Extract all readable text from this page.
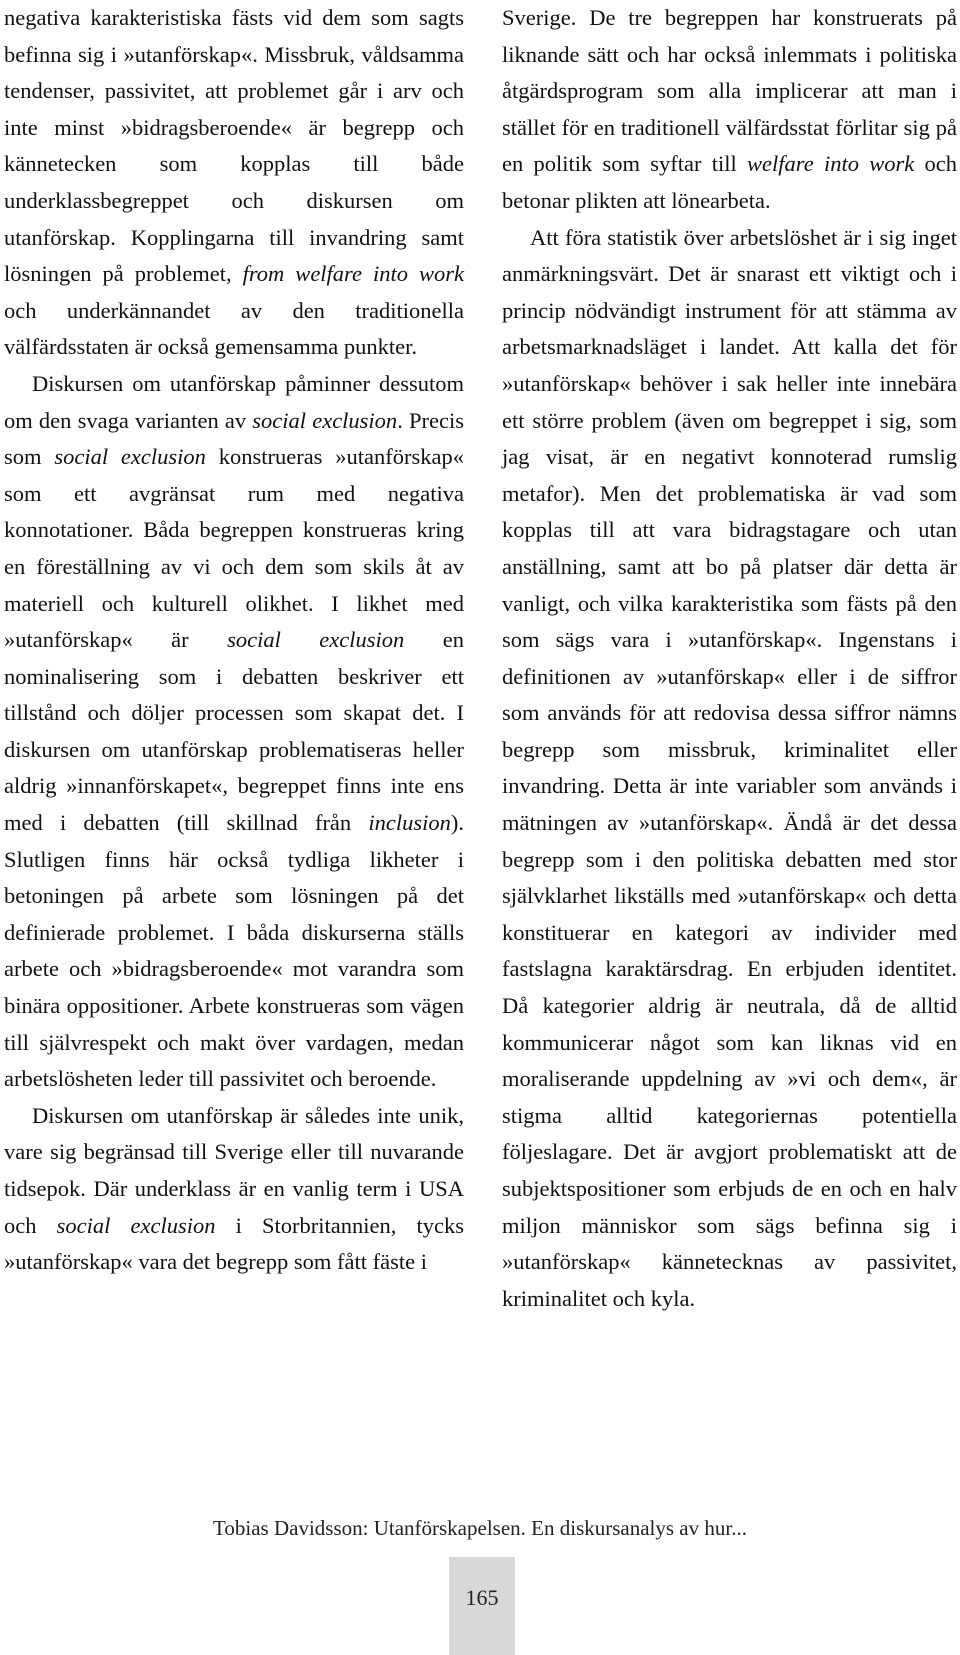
negativa karakteristiska fästs vid dem som sagts befinna sig i »utanförskap«. Missbruk, våldsamma tendenser, passivitet, att problemet går i arv och inte minst »bidragsberoende« är begrepp och kännetecken som kopplas till både underklassbegreppet och diskursen om utanförskap. Kopplingarna till invandring samt lösningen på problemet, from welfare into work och underkännandet av den traditionella välfärdsstaten är också gemensamma punkter.

Diskursen om utanförskap påminner dessutom om den svaga varianten av social exclusion. Precis som social exclusion konstrueras »utanförskap« som ett avgränsat rum med negativa konnotationer. Båda begreppen konstrueras kring en föreställning av vi och dem som skils åt av materiell och kulturell olikhet. I likhet med »utanförskap« är social exclusion en nominalisering som i debatten beskriver ett tillstånd och döljer processen som skapat det. I diskursen om utanförskap problematiseras heller aldrig »innanförskapet«, begreppet finns inte ens med i debatten (till skillnad från inclusion). Slutligen finns här också tydliga likheter i betoningen på arbete som lösningen på det definierade problemet. I båda diskurserna ställs arbete och »bidragsberoende« mot varandra som binära oppositioner. Arbete konstrueras som vägen till självrespekt och makt över vardagen, medan arbetslösheten leder till passivitet och beroende.

Diskursen om utanförskap är således inte unik, vare sig begränsad till Sverige eller till nuvarande tidsepok. Där underklass är en vanlig term i USA och social exclusion i Storbritannien, tycks »utanförskap« vara det begrepp som fått fäste i

Sverige. De tre begreppen har konstruerats på liknande sätt och har också inlemmats i politiska åtgärdsprogram som alla implicerar att man i stället för en traditionell välfärdsstat förlitar sig på en politik som syftar till welfare into work och betonar plikten att lönearbeta.

Att föra statistik över arbetslöshet är i sig inget anmärkningsvärt. Det är snarast ett viktigt och i princip nödvändigt instrument för att stämma av arbetsmarknadsläget i landet. Att kalla det för »utanförskap« behöver i sak heller inte innebära ett större problem (även om begreppet i sig, som jag visat, är en negativt konnoterad rumslig metafor). Men det problematiska är vad som kopplas till att vara bidragstagare och utan anställning, samt att bo på platser där detta är vanligt, och vilka karakteristika som fästs på den som sägs vara i »utanförskap«. Ingenstans i definitionen av »utanförskap« eller i de siffror som används för att redovisa dessa siffror nämns begrepp som missbruk, kriminalitet eller invandring. Detta är inte variabler som används i mätningen av »utanförskap«. Ändå är det dessa begrepp som i den politiska debatten med stor självklarhet likställs med »utanförskap« och detta konstituerar en kategori av individer med fastslagna karaktärsdrag. En erbjuden identitet. Då kategorier aldrig är neutrala, då de alltid kommunicerar något som kan liknas vid en moraliserande uppdelning av »vi och dem«, är stigma alltid kategoriernas potentiella följeslagare. Det är avgjort problematiskt att de subjektspositioner som erbjuds de en och en halv miljon människor som sägs befinna sig i »utanförskap« kännetecknas av passivitet, kriminalitet och kyla.

Tobias Davidsson: Utanförskapelsen. En diskursanalys av hur...
165
